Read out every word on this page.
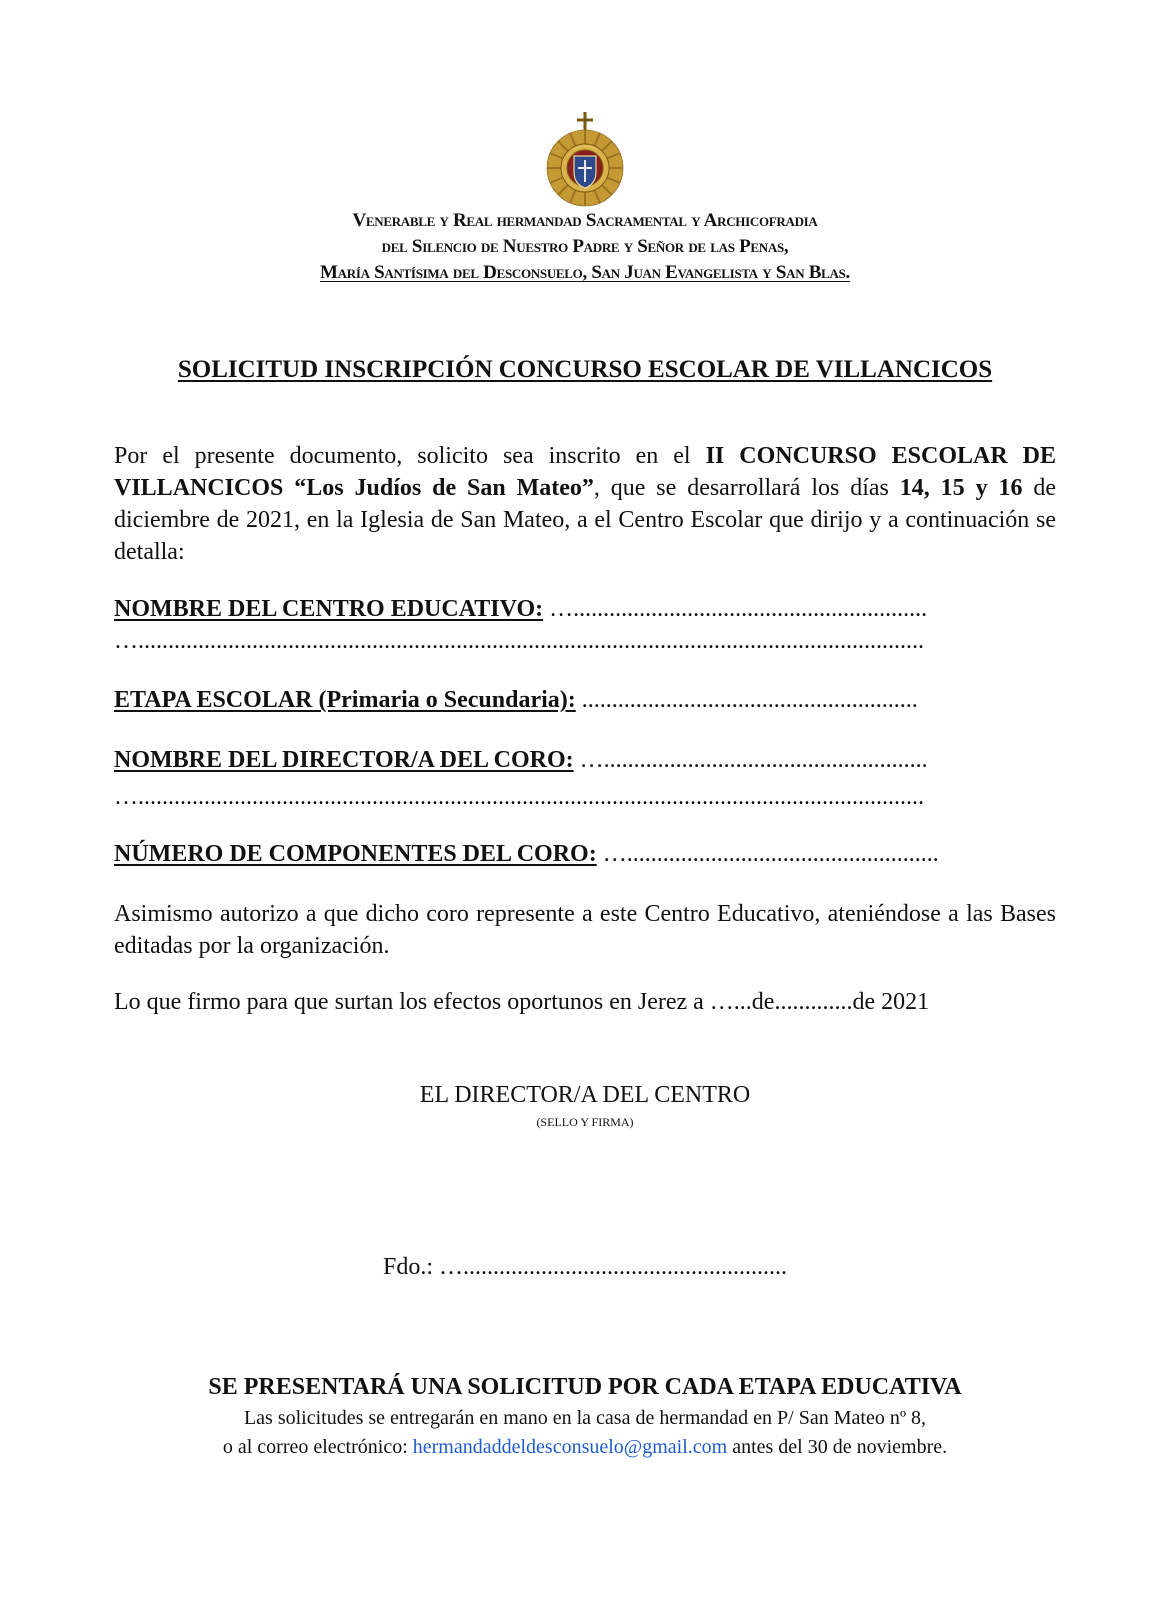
Venerable y Real hermandad Sacramental y Archicofradia
del Silencio de Nuestro Padre y Señor de las Penas,
María Santísima del Desconsuelo, San Juan Evangelista y San Blas.
SOLICITUD INSCRIPCIÓN CONCURSO ESCOLAR DE VILLANCICOS
Por el presente documento, solicito sea inscrito en el II CONCURSO ESCOLAR DE VILLANCICOS “Los Judíos de San Mateo”, que se desarrollará los días 14, 15 y 16 de diciembre de 2021, en la Iglesia de San Mateo, a el Centro Escolar que dirijo y a continuación se detalla:
NOMBRE DEL CENTRO EDUCATIVO: …...........................................................
…...................................................................................................................................
ETAPA ESCOLAR (Primaria o Secundaria): ........................................................
NOMBRE DEL DIRECTOR/A DEL CORO: …......................................................
…...................................................................................................................................
NÚMERO DE COMPONENTES DEL CORO: …....................................................
Asimismo autorizo a que dicho coro represente a este Centro Educativo, ateniéndose a las Bases editadas por la organización.
Lo que firmo para que surtan los efectos oportunos en Jerez a …...de.............de 2021
EL DIRECTOR/A DEL CENTRO
(SELLO Y FIRMA)
Fdo.: …......................................................
SE PRESENTARÁ UNA SOLICITUD POR CADA ETAPA EDUCATIVA
Las solicitudes se entregarán en mano en la casa de hermandad en P/ San Mateo nº 8,
o al correo electrónico: hermandaddeldesconsuelo@gmail.com antes del 30 de noviembre.
